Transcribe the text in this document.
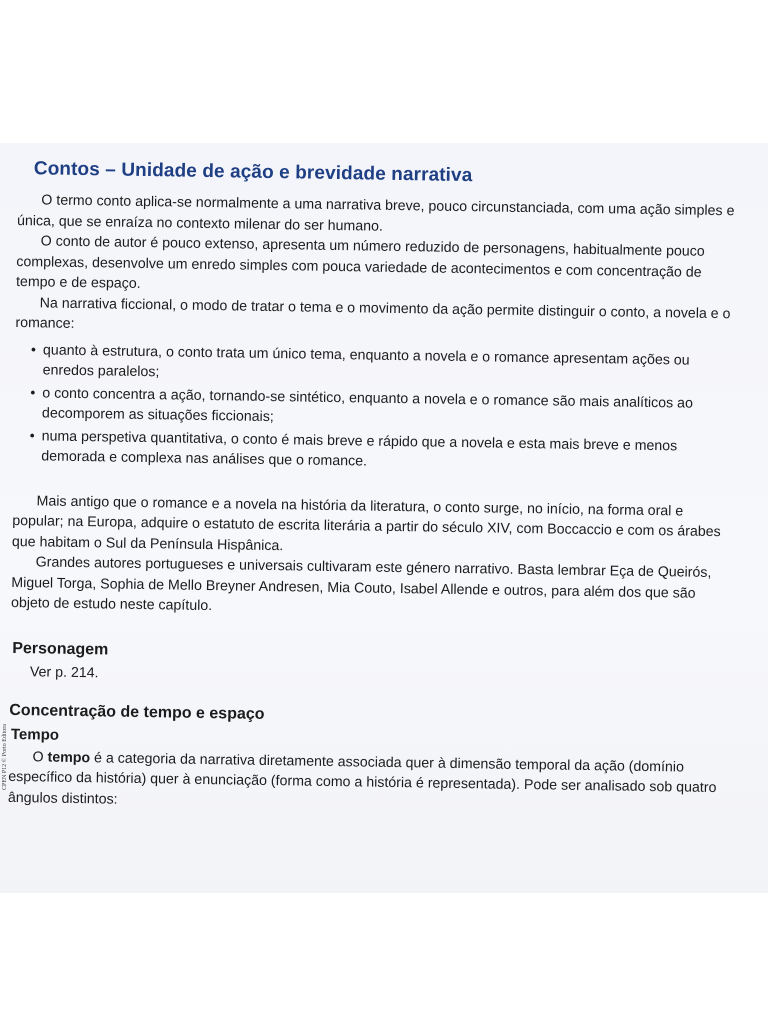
Contos – Unidade de ação e brevidade narrativa

O termo conto aplica-se normalmente a uma narrativa breve, pouco circunstanciada, com uma ação simples e única, que se enraíza no contexto milenar do ser humano.

O conto de autor é pouco extenso, apresenta um número reduzido de personagens, habitualmente pouco complexas, desenvolve um enredo simples com pouca variedade de acontecimentos e com concentração de tempo e de espaço.

Na narrativa ficcional, o modo de tratar o tema e o movimento da ação permite distinguir o conto, a novela e o romance:

• quanto à estrutura, o conto trata um único tema, enquanto a novela e o romance apresentam ações ou enredos paralelos;
• o conto concentra a ação, tornando-se sintético, enquanto a novela e o romance são mais analíticos ao decomporem as situações ficcionais;
• numa perspetiva quantitativa, o conto é mais breve e rápido que a novela e esta mais breve e menos demorada e complexa nas análises que o romance.

Mais antigo que o romance e a novela na história da literatura, o conto surge, no início, na forma oral e popular; na Europa, adquire o estatuto de escrita literária a partir do século XIV, com Boccaccio e com os árabes que habitam o Sul da Península Hispânica.

Grandes autores portugueses e universais cultivaram este género narrativo. Basta lembrar Eça de Queirós, Miguel Torga, Sophia de Mello Breyner Andresen, Mia Couto, Isabel Allende e outros, para além dos que são objeto de estudo neste capítulo.

Personagem
Ver p. 214.
Concentração de tempo e espaço
Tempo

O tempo é a categoria da narrativa diretamente associada quer à dimensão temporal da ação (domínio específico da história) quer à enunciação (forma como a história é representada). Pode ser analisado sob quatro ângulos distintos:

CPEN P12 © Porto Editora
